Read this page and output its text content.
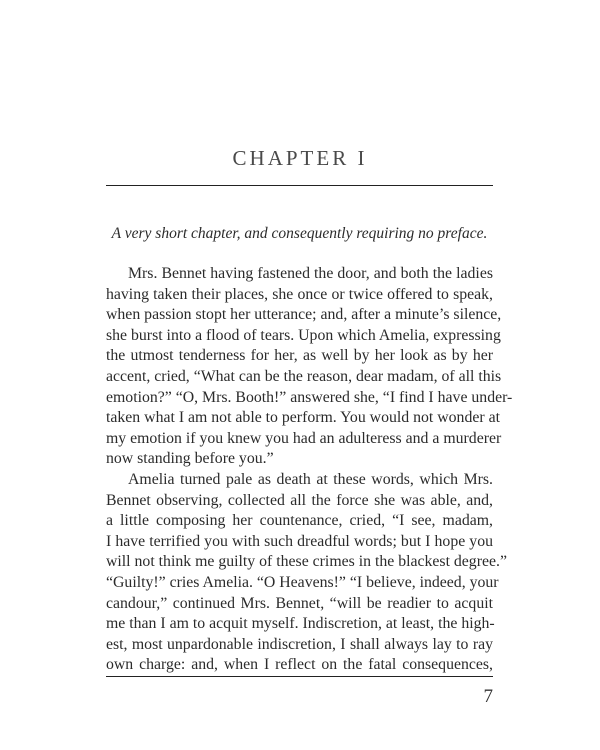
CHAPTER I
A very short chapter, and consequently requiring no preface.
Mrs. Bennet having fastened the door, and both the ladies
having taken their places, she once or twice offered to speak,
when passion stopt her utterance; and, after a minute’s silence,
she burst into a flood of tears. Upon which Amelia, expressing
the utmost tenderness for her, as well by her look as by her
accent, cried, “What can be the reason, dear madam, of all this
emotion?” “O, Mrs. Booth!” answered she, “I find I have under-
taken what I am not able to perform. You would not wonder at
my emotion if you knew you had an adulteress and a murderer
now standing before you.”
Amelia turned pale as death at these words, which Mrs.
Bennet observing, collected all the force she was able, and,
a little composing her countenance, cried, “I see, madam,
I have terrified you with such dreadful words; but I hope you
will not think me guilty of these crimes in the blackest degree.”
“Guilty!” cries Amelia. “O Heavens!” “I believe, indeed, your
candour,” continued Mrs. Bennet, “will be readier to acquit
me than I am to acquit myself. Indiscretion, at least, the high-
est, most unpardonable indiscretion, I shall always lay to ray
own charge: and, when I reflect on the fatal consequences,
7
